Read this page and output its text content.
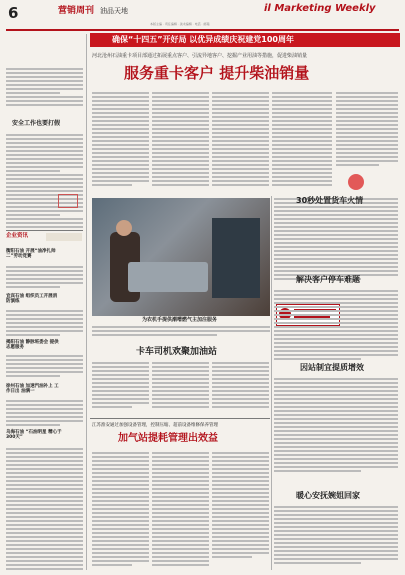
6	营销周刊 油品天地
本版主编 · 责任编辑 · 美术编辑 · 电话 · 邮箱
il Marketing Weekly
安全工作也要打假
企业资讯
衡阳石油 开展“油净扎帅二”劳动竞赛
宜宾石油 组织员工开展消防演练
揭阳石油 静脉班委会 提供志愿服务
徐州石油 加速汽油补上 工作日出 油满一
乌海石油 “石油明星 精心于300天”
确保“十四五”开好局 以优异成绩庆祝建党100周年
河北沧州石油重卡项目部通过拓展重点客户、引流异地客户、挖掘产业用油等措施，促进柴油销量
服务重卡客户 提升柴油销量
为农机手提供潮嘈燃气主加注服务
30秒处置货车火情
解决客户停车难题
因站制宜提质增效
暖心安抚婉姐回家
卡车司机欢聚加油站
江苏淮安通过加强设备管理，控制压缩、超前设备维修保养管理
加气站提耗管理出效益
